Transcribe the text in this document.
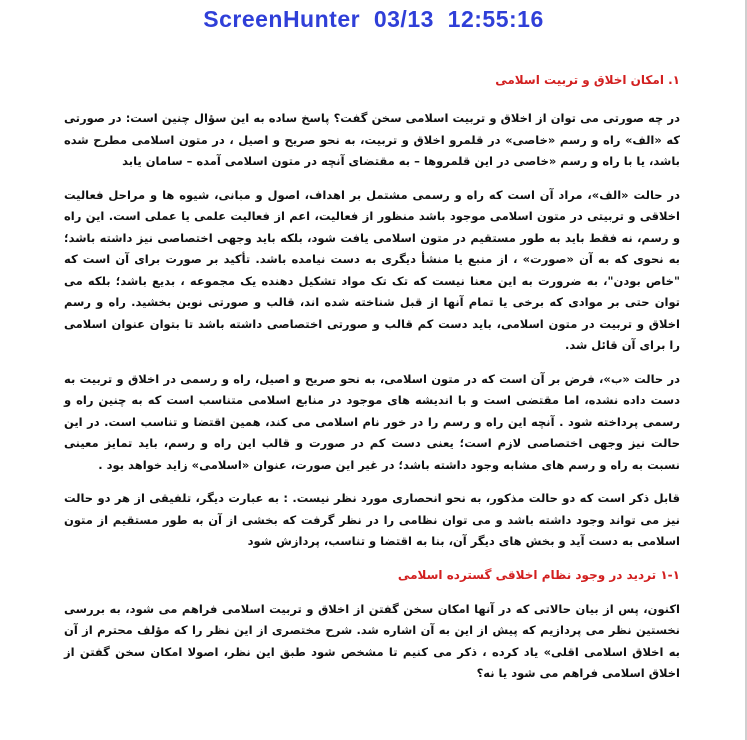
ScreenHunter  03/13  12:55:16
۱. امکان اخلاق و تربیت اسلامی

در چه صورتی می توان از اخلاق و تربیت اسلامی سخن گفت؟ پاسخ ساده به این سؤال چنین است: در صورتی که «الف» راه و رسم «خاصی» در قلمرو اخلاق و تربیت، به نحو صریح و اصیل ، در متون اسلامی مطرح شده باشد، یا با راه و رسم «خاصی در این قلمروها – به مقتضای آنچه در متون اسلامی آمده – سامان یابد

در حالت «الف»، مراد آن است که راه و رسمی مشتمل بر اهداف، اصول و مبانی، شیوه ها و مراحل فعالیت اخلاقی و تربیتی در متون اسلامی موجود باشد منظور از فعالیت، اعم از فعالیت علمی یا عملی است. این راه و رسم، نه فقط باید به طور مستقیم در متون اسلامی یافت شود، بلکه باید وجهی اختصاصی نیز داشته باشد؛ به نحوی که به آن «صورت» ، از منبع یا منشأ دیگری به دست نیامده باشد. تأکید بر صورت برای آن است که "خاص بودن"، به ضرورت به این معنا نیست که تک تک مواد تشکیل دهنده یک مجموعه ، بدیع باشد؛ بلکه می توان حتی بر موادی که برخی یا تمام آنها از قبل شناخته شده اند، قالب و صورتی نوین بخشید. راه و رسم اخلاق و تربیت در متون اسلامی، باید دست کم قالب و صورتی اختصاصی داشته باشد تا بتوان عنوان اسلامی را برای آن قائل شد.

در حالت «ب»، فرض بر آن است که در متون اسلامی، به نحو صریح و اصیل، راه و رسمی در اخلاق و تربیت به دست داده نشده، اما مقتضی است و با اندیشه های موجود در منابع اسلامی متناسب است که به چنین راه و رسمی پرداخته شود . آنچه این راه و رسم را در خور نام اسلامی می کند، همین اقتضا و تناسب است. در این حالت نیز وجهی اختصاصی لازم است؛ یعنی دست کم در صورت و قالب این راه و رسم، باید تمایز معینی نسبت به راه و رسم های مشابه وجود داشته باشد؛ در غیر این صورت، عنوان «اسلامی» زاید خواهد بود .

قابل ذکر است که دو حالت مذکور، به نحو انحصاری مورد نظر نیست. : به عبارت دیگر، تلفیقی از هر دو حالت نیز می تواند وجود داشته باشد و می توان نظامی را در نظر گرفت که بخشی از آن به طور مستقیم از متون اسلامی به دست آید و بخش های دیگر آن، بنا به اقتضا و تناسب، پردازش شود

۱-۱ تردید در وجود نظام اخلاقی گسترده اسلامی

اکنون، پس از بیان حالاتی که در آنها امکان سخن گفتن از اخلاق و تربیت اسلامی فراهم می شود، به بررسی نخستین نظر می پردازیم که پیش از این به آن اشاره شد. شرح مختصری از این نظر را که مؤلف محترم از آن به اخلاق اسلامی اقلی» یاد کرده ، ذکر می کنیم تا مشخص شود طبق این نظر، اصولا امکان سخن گفتن از اخلاق اسلامی فراهم می شود یا نه؟
